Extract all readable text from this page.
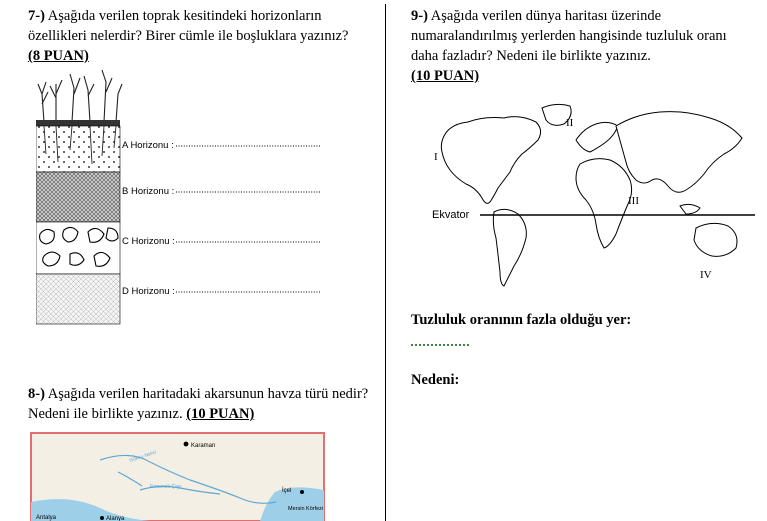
7-) Aşağıda verilen toprak kesitindeki horizonların özellikleri nelerdir? Birer cümle ile boşluklara yazınız?
(8 PUAN)
A Horizonu :
B Horizonu :
C Horizonu :
D Horizonu :
8-) Aşağıda verilen haritadaki akarsunun havza türü nedir? Nedeni ile birlikte yazınız. (10 PUAN)
Karaman
Göksu Nehri
Ermenek Çayı
İçel
Antalya	Alanya
Mersin Körfezi
9-) Aşağıda verilen dünya haritası üzerinde numaralandırılmış yerlerden hangisinde tuzluluk oranı daha fazladır? Nedeni ile birlikte yazınız.
(10 PUAN)
Ekvator
I
II
III
IV
Tuzluluk oranının fazla olduğu yer:
Nedeni:
